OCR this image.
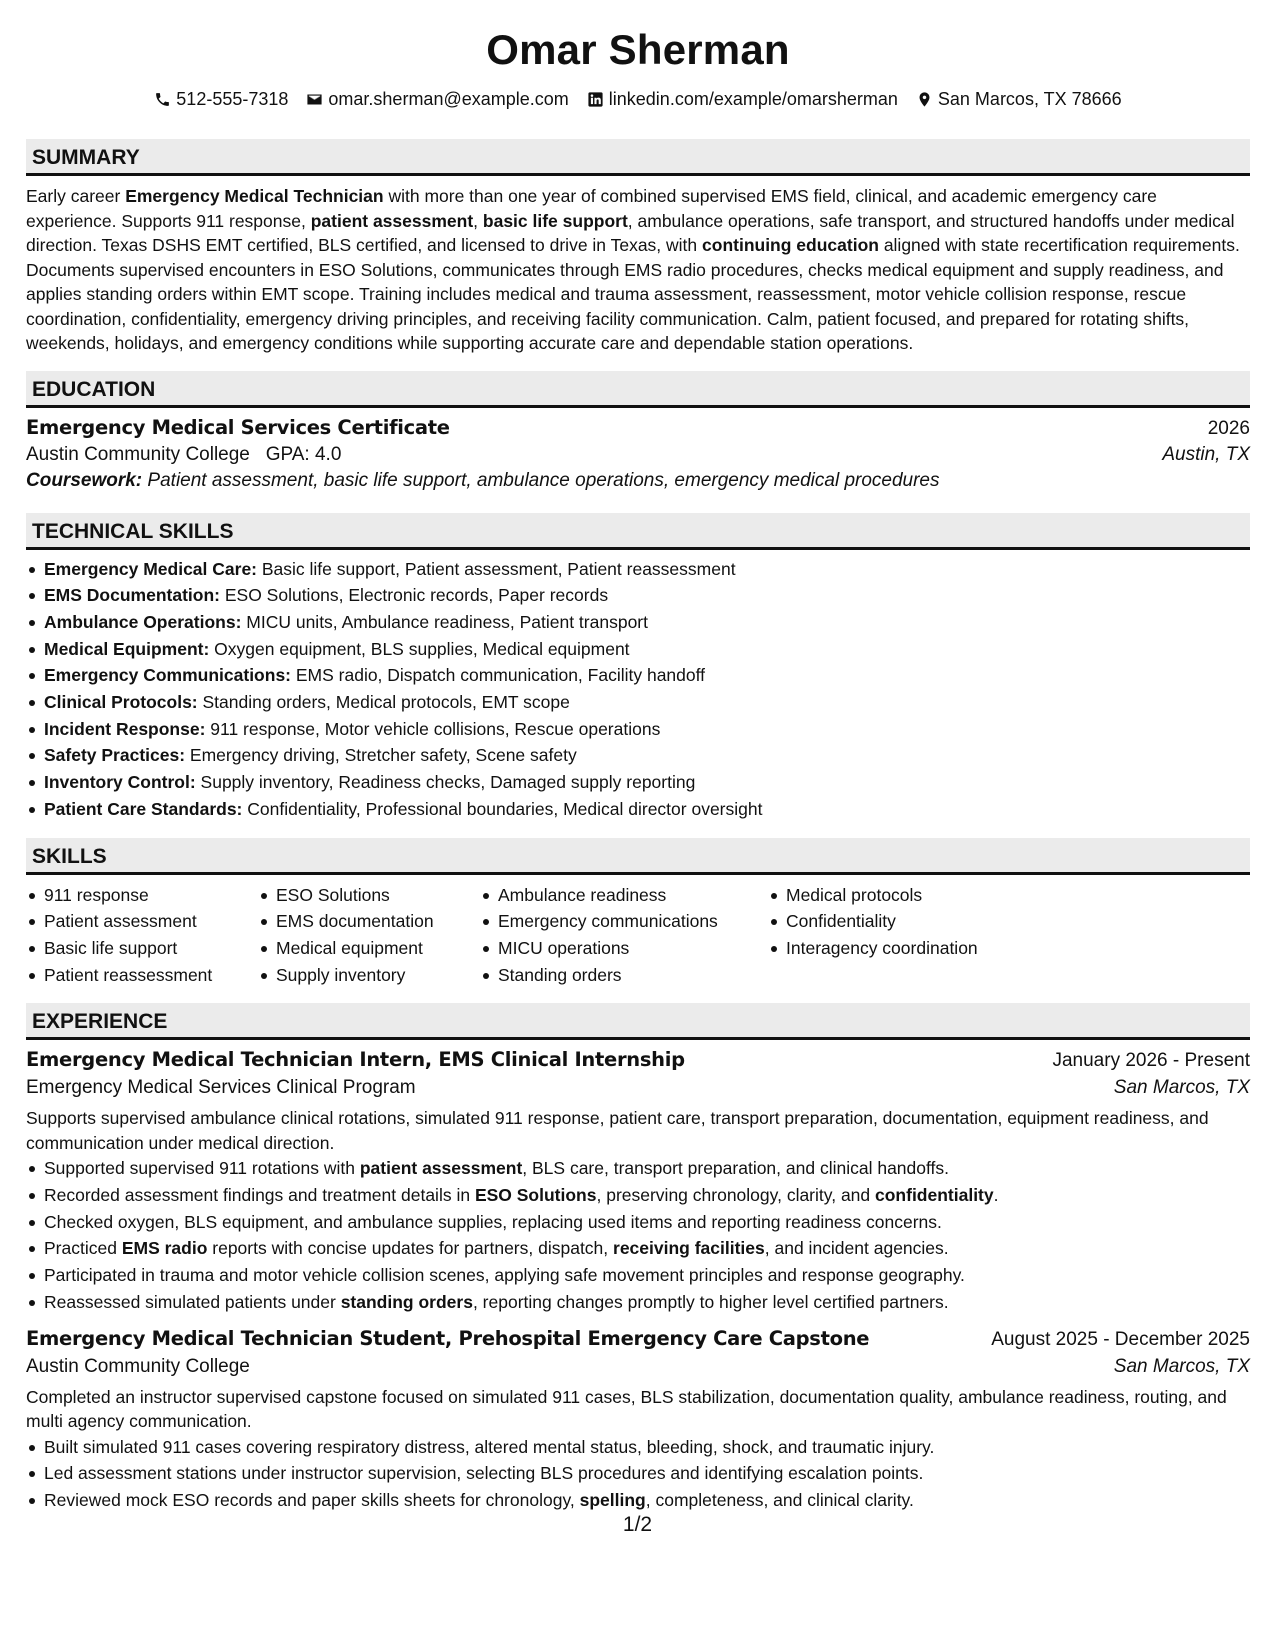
Omar Sherman
512-555-7318 omar.sherman@example.com linkedin.com/example/omarsherman San Marcos, TX 78666
SUMMARY
Early career Emergency Medical Technician with more than one year of combined supervised EMS field, clinical, and academic emergency care experience. Supports 911 response, patient assessment, basic life support, ambulance operations, safe transport, and structured handoffs under medical direction. Texas DSHS EMT certified, BLS certified, and licensed to drive in Texas, with continuing education aligned with state recertification requirements. Documents supervised encounters in ESO Solutions, communicates through EMS radio procedures, checks medical equipment and supply readiness, and applies standing orders within EMT scope. Training includes medical and trauma assessment, reassessment, motor vehicle collision response, rescue coordination, confidentiality, emergency driving principles, and receiving facility communication. Calm, patient focused, and prepared for rotating shifts, weekends, holidays, and emergency conditions while supporting accurate care and dependable station operations.
EDUCATION
Emergency Medical Services Certificate	2026
Austin Community College GPA: 4.0	Austin, TX
Coursework: Patient assessment, basic life support, ambulance operations, emergency medical procedures
TECHNICAL SKILLS
Emergency Medical Care: Basic life support, Patient assessment, Patient reassessment
EMS Documentation: ESO Solutions, Electronic records, Paper records
Ambulance Operations: MICU units, Ambulance readiness, Patient transport
Medical Equipment: Oxygen equipment, BLS supplies, Medical equipment
Emergency Communications: EMS radio, Dispatch communication, Facility handoff
Clinical Protocols: Standing orders, Medical protocols, EMT scope
Incident Response: 911 response, Motor vehicle collisions, Rescue operations
Safety Practices: Emergency driving, Stretcher safety, Scene safety
Inventory Control: Supply inventory, Readiness checks, Damaged supply reporting
Patient Care Standards: Confidentiality, Professional boundaries, Medical director oversight
SKILLS
911 response
Patient assessment
Basic life support
Patient reassessment
ESO Solutions
EMS documentation
Medical equipment
Supply inventory
Ambulance readiness
Emergency communications
MICU operations
Standing orders
Medical protocols
Confidentiality
Interagency coordination
EXPERIENCE
Emergency Medical Technician Intern, EMS Clinical Internship	January 2026 - Present
Emergency Medical Services Clinical Program	San Marcos, TX
Supports supervised ambulance clinical rotations, simulated 911 response, patient care, transport preparation, documentation, equipment readiness, and communication under medical direction.
Supported supervised 911 rotations with patient assessment, BLS care, transport preparation, and clinical handoffs.
Recorded assessment findings and treatment details in ESO Solutions, preserving chronology, clarity, and confidentiality.
Checked oxygen, BLS equipment, and ambulance supplies, replacing used items and reporting readiness concerns.
Practiced EMS radio reports with concise updates for partners, dispatch, receiving facilities, and incident agencies.
Participated in trauma and motor vehicle collision scenes, applying safe movement principles and response geography.
Reassessed simulated patients under standing orders, reporting changes promptly to higher level certified partners.
Emergency Medical Technician Student, Prehospital Emergency Care Capstone	August 2025 - December 2025
Austin Community College	San Marcos, TX
Completed an instructor supervised capstone focused on simulated 911 cases, BLS stabilization, documentation quality, ambulance readiness, routing, and multi agency communication.
Built simulated 911 cases covering respiratory distress, altered mental status, bleeding, shock, and traumatic injury.
Led assessment stations under instructor supervision, selecting BLS procedures and identifying escalation points.
Reviewed mock ESO records and paper skills sheets for chronology, spelling, completeness, and clinical clarity.
1/2
